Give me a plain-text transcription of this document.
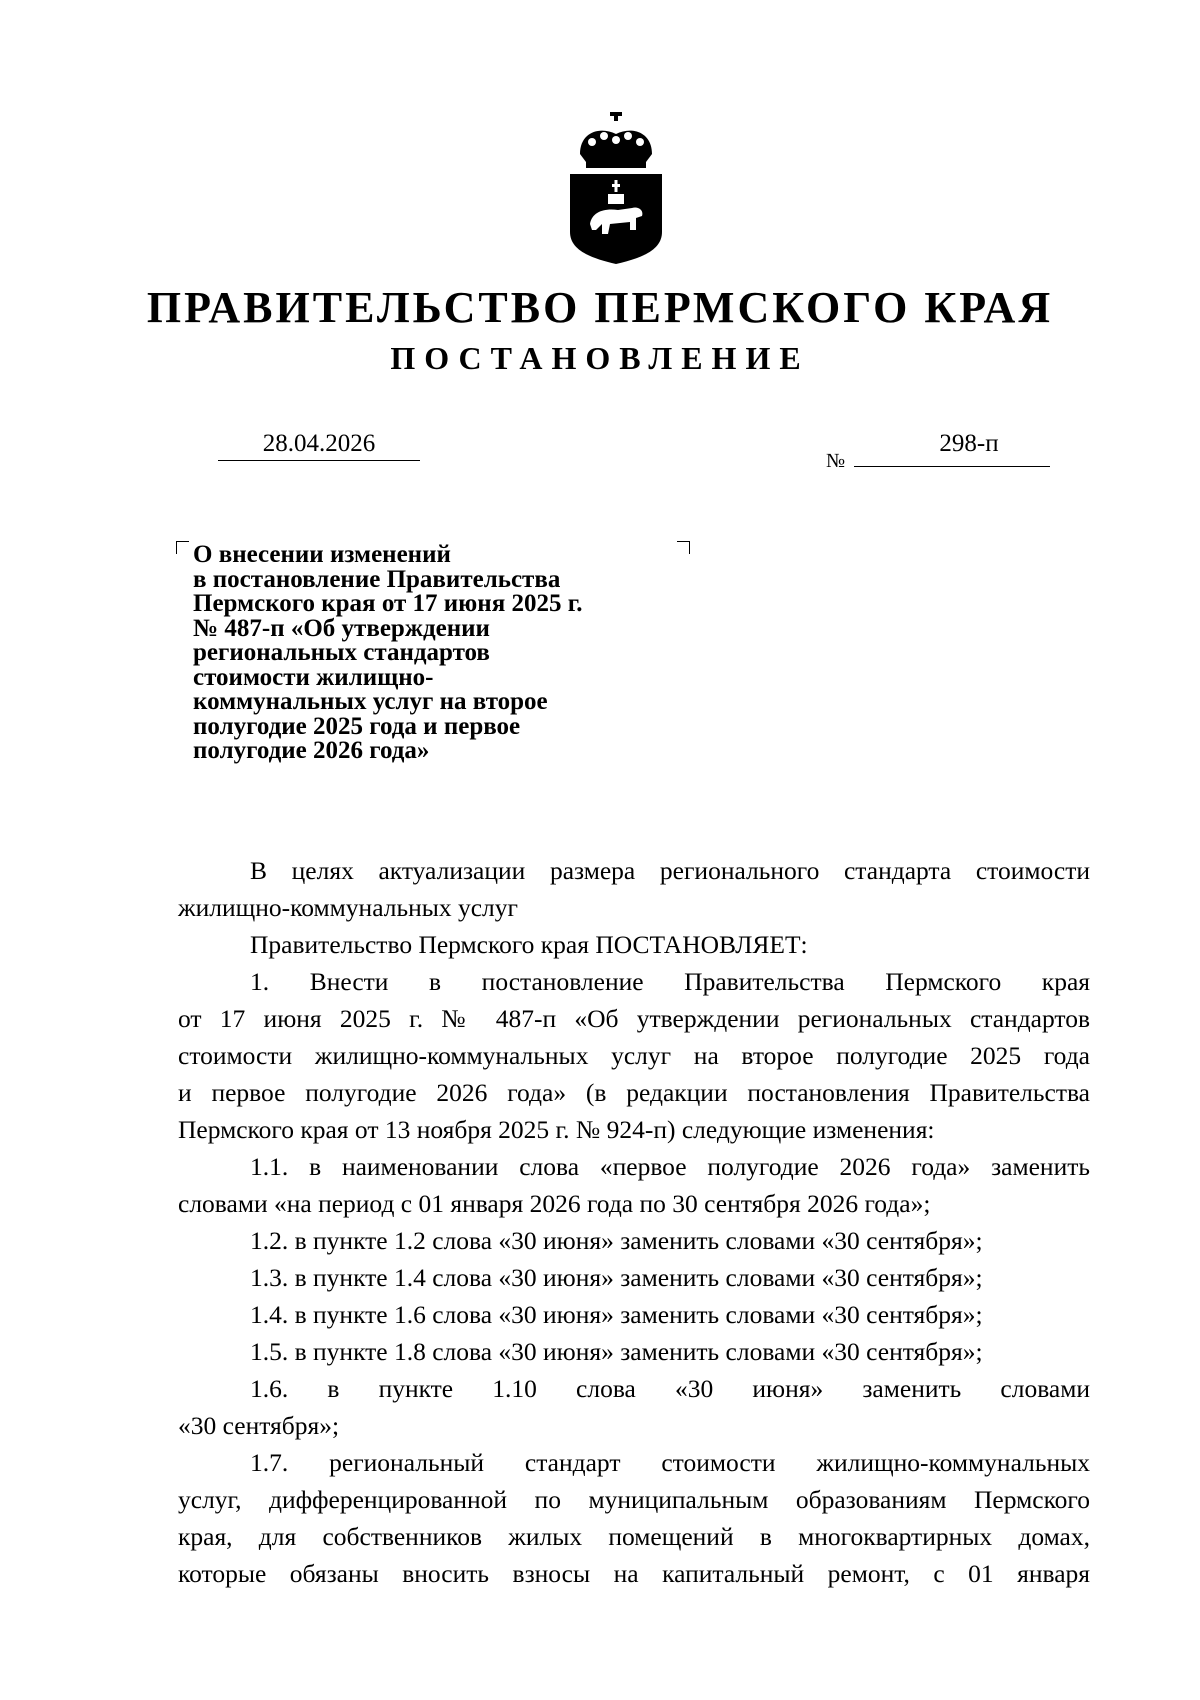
ПРАВИТЕЛЬСТВО ПЕРМСКОГО КРАЯ
ПОСТАНОВЛЕНИЕ
28.04.2026
№
298-п

О внесении изменений
в постановление Правительства
Пермского края от 17 июня 2025 г.
№ 487-п «Об утверждении
региональных стандартов
стоимости жилищно-
коммунальных услуг на второе
полугодие 2025 года и первое
полугодие 2026 года»

В целях актуализации размера регионального стандарта стоимости
жилищно-коммунальных услуг
Правительство Пермского края ПОСТАНОВЛЯЕТ:
1. Внести в постановление Правительства Пермского края
от 17 июня 2025 г. № 487-п «Об утверждении региональных стандартов
стоимости жилищно-коммунальных услуг на второе полугодие 2025 года
и первое полугодие 2026 года» (в редакции постановления Правительства
Пермского края от 13 ноября 2025 г. № 924-п) следующие изменения:
1.1. в наименовании слова «первое полугодие 2026 года» заменить
словами «на период с 01 января 2026 года по 30 сентября 2026 года»;
1.2. в пункте 1.2 слова «30 июня» заменить словами «30 сентября»;
1.3. в пункте 1.4 слова «30 июня» заменить словами «30 сентября»;
1.4. в пункте 1.6 слова «30 июня» заменить словами «30 сентября»;
1.5. в пункте 1.8 слова «30 июня» заменить словами «30 сентября»;
1.6. в пункте 1.10 слова «30 июня» заменить словами
«30 сентября»;
1.7. региональный стандарт стоимости жилищно-коммунальных
услуг, дифференцированной по муниципальным образованиям Пермского
края, для собственников жилых помещений в многоквартирных домах,
которые обязаны вносить взносы на капитальный ремонт, с 01 января
